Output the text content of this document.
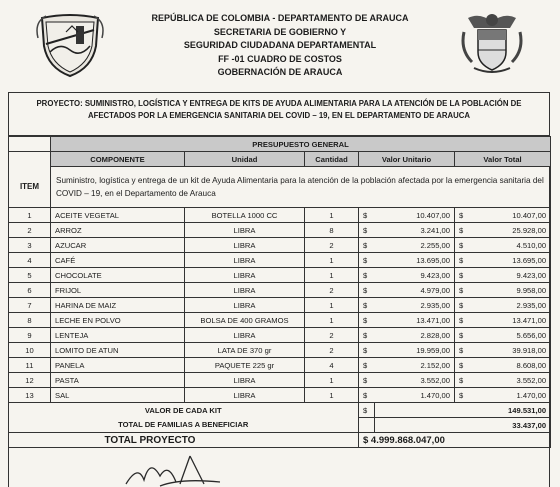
REPÚBLICA DE COLOMBIA - DEPARTAMENTO DE ARAUCA
SECRETARIA DE GOBIERNO Y
SEGURIDAD CIUDADANA DEPARTAMENTAL
FF -01 CUADRO DE COSTOS
GOBERNACIÓN DE ARAUCA
PROYECTO: SUMINISTRO, LOGÍSTICA Y ENTREGA DE KITS DE AYUDA ALIMENTARIA PARA LA ATENCIÓN DE LA POBLACIÓN DE AFECTADOS POR LA EMERGENCIA SANITARIA DEL COVID – 19, EN EL DEPARTAMENTO DE ARAUCA
	PRESUPUESTO GENERAL						
	COMPONENTE	Unidad	Cantidad	Valor Unitario		Valor Total	
ITEM	Suministro, logística y entrega de un kit de Ayuda Alimentaria para la atención de la población afectada por la emergencia sanitaria del COVID – 19, en el Departamento de Arauca						
1	ACEITE VEGETAL	BOTELLA 1000 CC	1	$	10.407,00	$	10.407,00
2	ARROZ	LIBRA	8	$	3.241,00	$	25.928,00
3	AZUCAR	LIBRA	2	$	2.255,00	$	4.510,00
4	CAFÉ	LIBRA	1	$	13.695,00	$	13.695,00
5	CHOCOLATE	LIBRA	1	$	9.423,00	$	9.423,00
6	FRIJOL	LIBRA	2	$	4.979,00	$	9.958,00
7	HARINA DE MAIZ	LIBRA	1	$	2.935,00	$	2.935,00
8	LECHE EN POLVO	BOLSA DE 400 GRAMOS	1	$	13.471,00	$	13.471,00
9	LENTEJA	LIBRA	2	$	2.828,00	$	5.656,00
10	LOMITO DE ATUN	LATA DE 370 gr	2	$	19.959,00	$	39.918,00
11	PANELA	PAQUETE 225 gr	4	$	2.152,00	$	8.608,00
12	PASTA	LIBRA	1	$	3.552,00	$	3.552,00
13	SAL	LIBRA	1	$	1.470,00	$	1.470,00
VALOR DE CADA KIT				$	149.531,00		
TOTAL DE FAMILIAS A BENEFICIAR					33.437,00		
TOTAL PROYECTO				$ 4.999.868.047,00			
